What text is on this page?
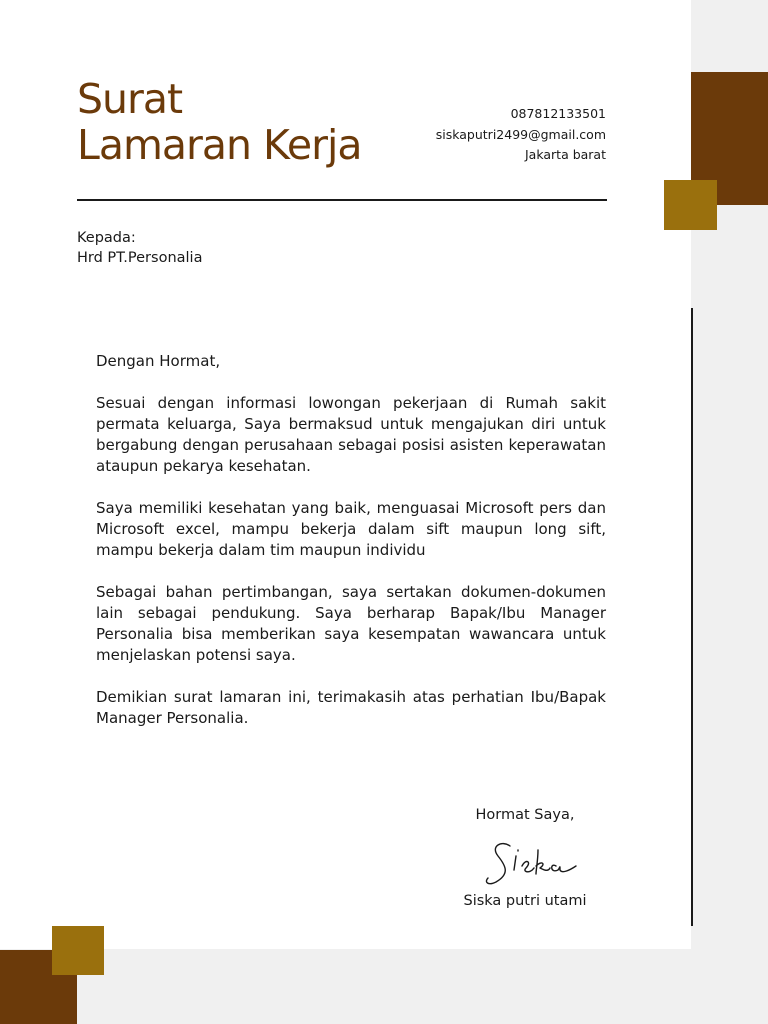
Surat
Lamaran Kerja
087812133501
siskaputri2499@gmail.com
Jakarta barat
Kepada:
Hrd PT.Personalia

Dengan Hormat,

Sesuai dengan informasi lowongan pekerjaan di Rumah sakit permata keluarga, Saya bermaksud untuk mengajukan diri untuk bergabung dengan perusahaan sebagai posisi asisten keperawatan ataupun pekarya kesehatan.

Saya memiliki kesehatan yang baik, menguasai Microsoft pers dan Microsoft excel, mampu bekerja dalam sift maupun long sift, mampu bekerja dalam tim maupun individu

Sebagai bahan pertimbangan, saya sertakan dokumen-dokumen lain sebagai pendukung. Saya berharap Bapak/Ibu Manager Personalia bisa memberikan saya kesempatan wawancara untuk menjelaskan potensi saya.

Demikian surat lamaran ini, terimakasih atas perhatian Ibu/Bapak Manager Personalia.

Hormat Saya,
Siska putri utami
